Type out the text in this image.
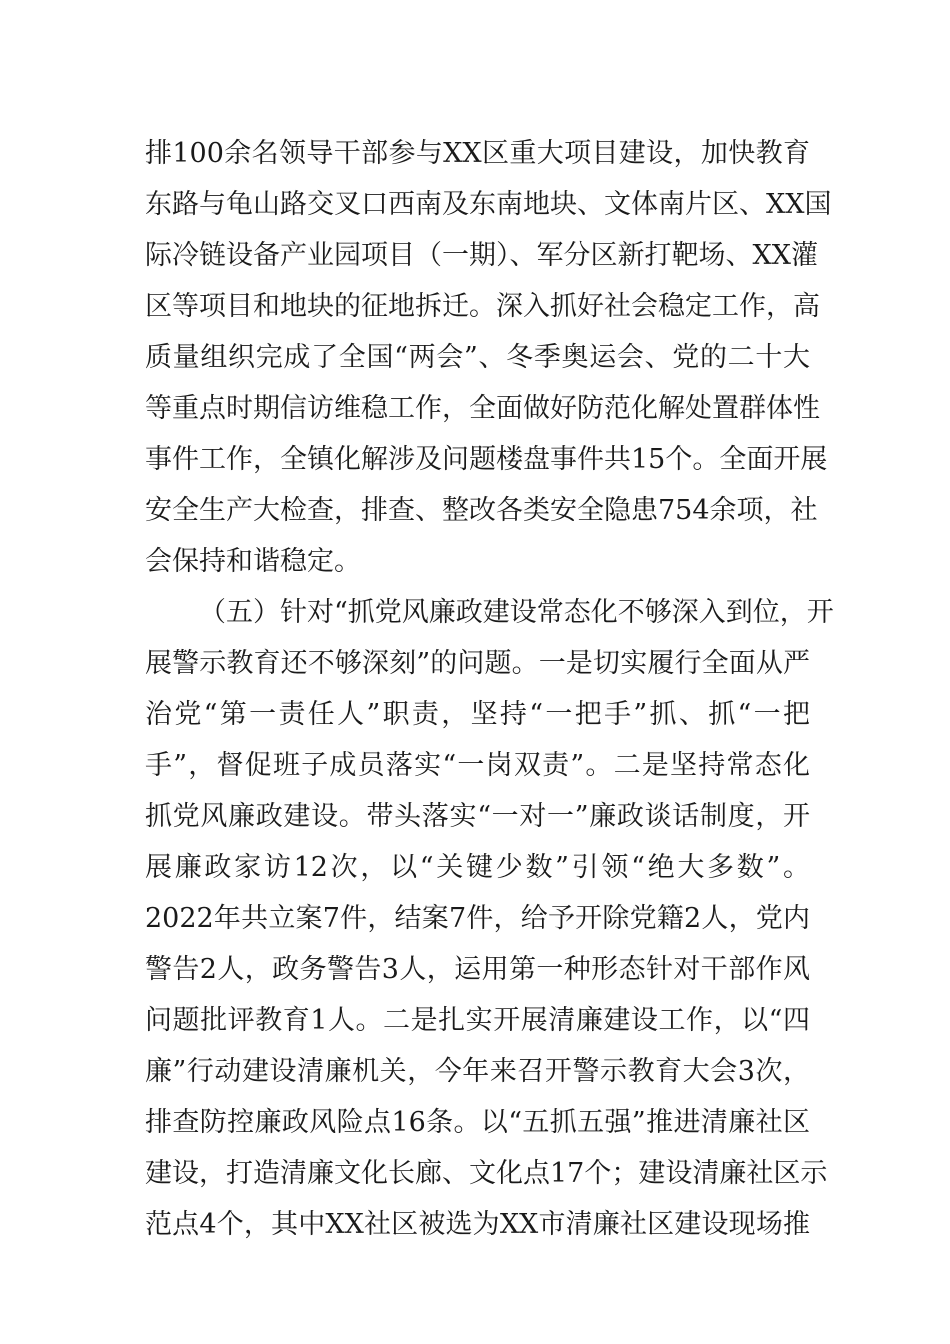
排100余名领导干部参与XX区重大项目建设，加快教育
东路与龟山路交叉口西南及东南地块、文体南片区、XX国
际冷链设备产业园项目（一期）、军分区新打靶场、XX灌
区等项目和地块的征地拆迁。深入抓好社会稳定工作，高
质量组织完成了全国“两会”、冬季奥运会、党的二十大
等重点时期信访维稳工作，全面做好防范化解处置群体性
事件工作，全镇化解涉及问题楼盘事件共15个。全面开展
安全生产大检查，排查、整改各类安全隐患754余项，社
会保持和谐稳定。
（五）针对“抓党风廉政建设常态化不够深入到位，开
展警示教育还不够深刻”的问题。一是切实履行全面从严
治党“第一责任人”职责，坚持“一把手”抓、抓“一把
手”，督促班子成员落实“一岗双责”。二是坚持常态化
抓党风廉政建设。带头落实“一对一”廉政谈话制度，开
展廉政家访12次，以“关键少数”引领“绝大多数”。
2022年共立案7件，结案7件，给予开除党籍2人，党内
警告2人，政务警告3人，运用第一种形态针对干部作风
问题批评教育1人。二是扎实开展清廉建设工作，以“四
廉”行动建设清廉机关，今年来召开警示教育大会3次，
排查防控廉政风险点16条。以“五抓五强”推进清廉社区
建设，打造清廉文化长廊、文化点17个；建设清廉社区示
范点4个，其中XX社区被选为XX市清廉社区建设现场推
